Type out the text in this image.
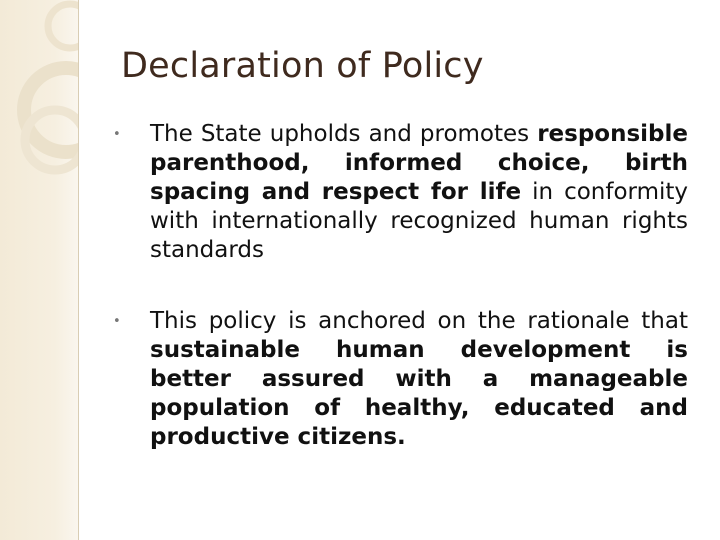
Declaration of Policy
• The State upholds and promotes responsible parenthood, informed choice, birth spacing and respect for life in conformity with internationally recognized human rights standards
• This policy is anchored on the rationale that sustainable human development is better assured with a manageable population of healthy, educated and productive citizens.
